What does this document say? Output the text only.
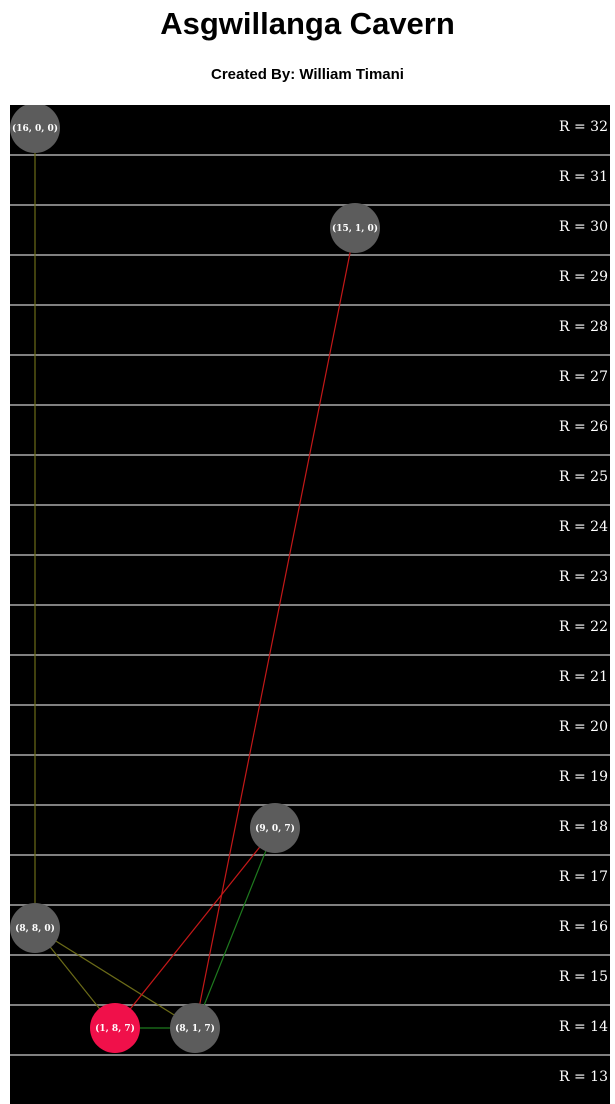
Asgwillanga Cavern
Created By: William Timani
R = 32
R = 31
R = 30
R = 29
R = 28
R = 27
R = 26
R = 25
R = 24
R = 23
R = 22
R = 21
R = 20
R = 19
R = 18
R = 17
R = 16
R = 15
R = 14
R = 13
(16, 0, 0)
(15, 1, 0)
(9, 0, 7)
(8, 8, 0)
(1, 8, 7)	(8, 1, 7)
